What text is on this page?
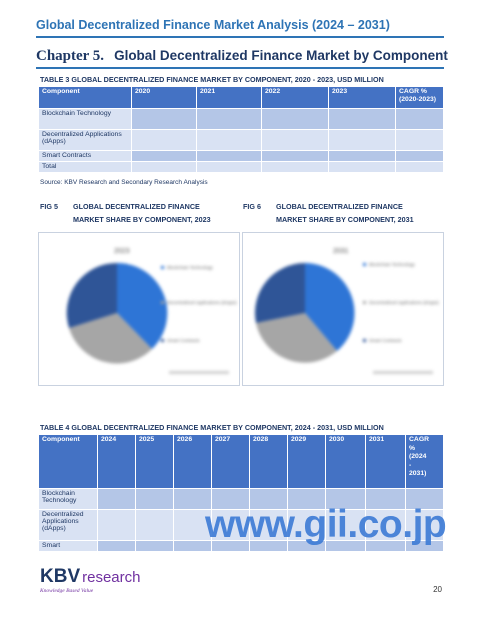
Global Decentralized Finance Market Analysis (2024 – 2031)
Chapter 5. Global Decentralized Finance Market by Component
TABLE 3 GLOBAL DECENTRALIZED FINANCE MARKET BY COMPONENT, 2020 - 2023, USD MILLION
Component	2020	2021	2022	2023	CAGR %
(2020-2023)
Blockchain Technology					
Decentralized Applications (dApps)					
Smart Contracts					
Total					
Source: KBV Research and Secondary Research Analysis
FIG 5 GLOBAL DECENTRALIZED FINANCE
MARKET SHARE BY COMPONENT, 2023
2023
Blockchain Technology
Decentralized Applications (dApps)
Smart Contracts
FIG 6 GLOBAL DECENTRALIZED FINANCE
MARKET SHARE BY COMPONENT, 2031
2031
Blockchain Technology
Decentralized Applications (dApps)
Smart Contracts
TABLE 4 GLOBAL DECENTRALIZED FINANCE MARKET BY COMPONENT, 2024 - 2031, USD MILLION
Component	2024	2025	2026	2027	2028	2029	2030	2031	CAGR
%
(2024
-
2031)
Blockchain Technology									
Decentralized Applications (dApps)									
Smart										www.gii.co.jp
KBV research
Knowledge Based Value	20
